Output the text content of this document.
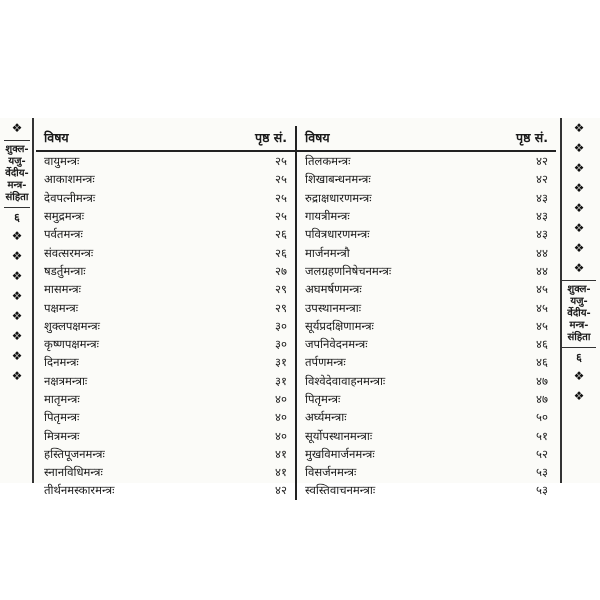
❖
शुक्ल-
यजु-
र्वेदीय-
मन्त्र-
संहिता
६
❖
❖
❖
❖
❖
❖
❖
❖
विषय	पृष्ठ सं.	विषय	पृष्ठ सं.
वायुमन्त्रः	२५	तिलकमन्त्रः	४२
आकाशमन्त्रः	२५	शिखाबन्धनमन्त्रः	४२
देवपत्नीमन्त्रः	२५	रुद्राक्षधारणमन्त्रः	४३
समुद्रमन्त्रः	२५	गायत्रीमन्त्रः	४३
पर्वतमन्त्रः	२६	पवित्रधारणमन्त्रः	४३
संवत्सरमन्त्रः	२६	मार्जनमन्त्रौ	४४
षडर्तुमन्त्राः	२७	जलग्रहणनिषेचनमन्त्रः	४४
मासमन्त्रः	२९	अघमर्षणमन्त्रः	४५
पक्षमन्त्रः	२९	उपस्थानमन्त्राः	४५
शुक्लपक्षमन्त्रः	३०	सूर्यप्रदक्षिणामन्त्रः	४५
कृष्णपक्षमन्त्रः	३०	जपनिवेदनमन्त्रः	४६
दिनमन्त्रः	३१	तर्पणमन्त्रः	४६
नक्षत्रमन्त्राः	३१	विश्वेदेवावाहनमन्त्राः	४७
मातृमन्त्रः	४०	पितृमन्त्रः	४७
पितृमन्त्रः	४०	अर्घ्यमन्त्राः	५०
मित्रमन्त्रः	४०	सूर्योपस्थानमन्त्राः	५१
हस्तिपूजनमन्त्रः	४१	मुखविमार्जनमन्त्रः	५२
स्नानविधिमन्त्रः	४१	विसर्जनमन्त्रः	५३
तीर्थनमस्कारमन्त्रः	४२	स्वस्तिवाचनमन्त्राः	५३
❖
❖
❖
❖
❖
❖
❖
❖
शुक्ल-
यजु-
र्वेदीय-
मन्त्र-
संहिता
६
❖
❖
